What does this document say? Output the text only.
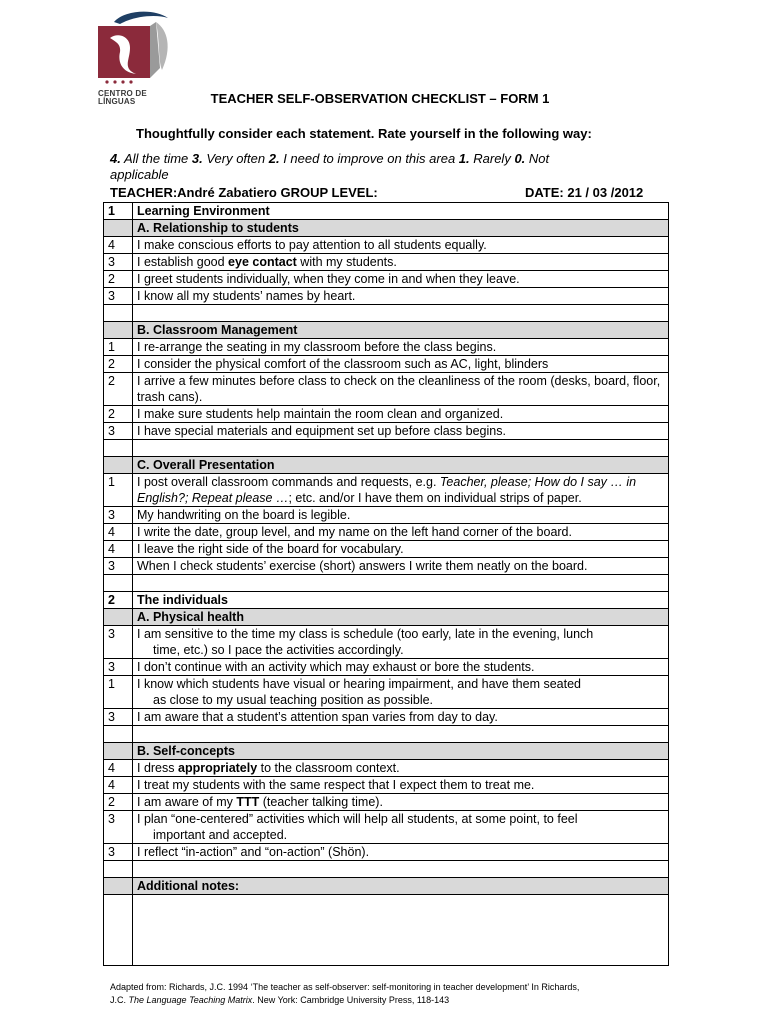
CENTRO DE
LÍNGUAS	TEACHER SELF-OBSERVATION CHECKLIST – FORM 1
Thoughtfully consider each statement. Rate yourself in the following way:
4. All the time 3. Very often 2. I need to improve on this area 1. Rarely 0. Not applicable
TEACHER:André Zabatiero GROUP LEVEL:	DATE: 21 / 03 /2012
1	Learning Environment
	A. Relationship to students
4	I make conscious efforts to pay attention to all students equally.
3	I establish good eye contact with my students.
2	I greet students individually, when they come in and when they leave.
3	I know all my students’ names by heart.

	B. Classroom Management
1	I re-arrange the seating in my classroom before the class begins.
2	I consider the physical comfort of the classroom such as AC, light, blinders
2	I arrive a few minutes before class to check on the cleanliness of the room (desks, board, floor, trash cans).
2	I make sure students help maintain the room clean and organized.
3	I have special materials and equipment set up before class begins.

	C. Overall Presentation
1	I post overall classroom commands and requests, e.g. Teacher, please; How do I say … in English?; Repeat please …; etc. and/or I have them on individual strips of paper.
3	My handwriting on the board is legible.
4	I write the date, group level, and my name on the left hand corner of the board.
4	I leave the right side of the board for vocabulary.
3	When I check students’ exercise (short) answers I write them neatly on the board.

2	The individuals
	A. Physical health
3	I am sensitive to the time my class is schedule (too early, late in the evening, lunch
time, etc.) so I pace the activities accordingly.
3	I don’t continue with an activity which may exhaust or bore the students.
1	I know which students have visual or hearing impairment, and have them seated
as close to my usual teaching position as possible.
3	I am aware that a student’s attention span varies from day to day.

	B. Self-concepts
4	I dress appropriately to the classroom context.
4	I treat my students with the same respect that I expect them to treat me.
2	I am aware of my TTT (teacher talking time).
3	I plan “one-centered” activities which will help all students, at some point, to feel
important and accepted.
3	I reflect “in-action” and “on-action” (Shön).

	Additional notes:

Adapted from: Richards, J.C. 1994 ‘The teacher as self-observer: self-monitoring in teacher development’ In Richards,
J.C. The Language Teaching Matrix. New York: Cambridge University Press, 118-143
